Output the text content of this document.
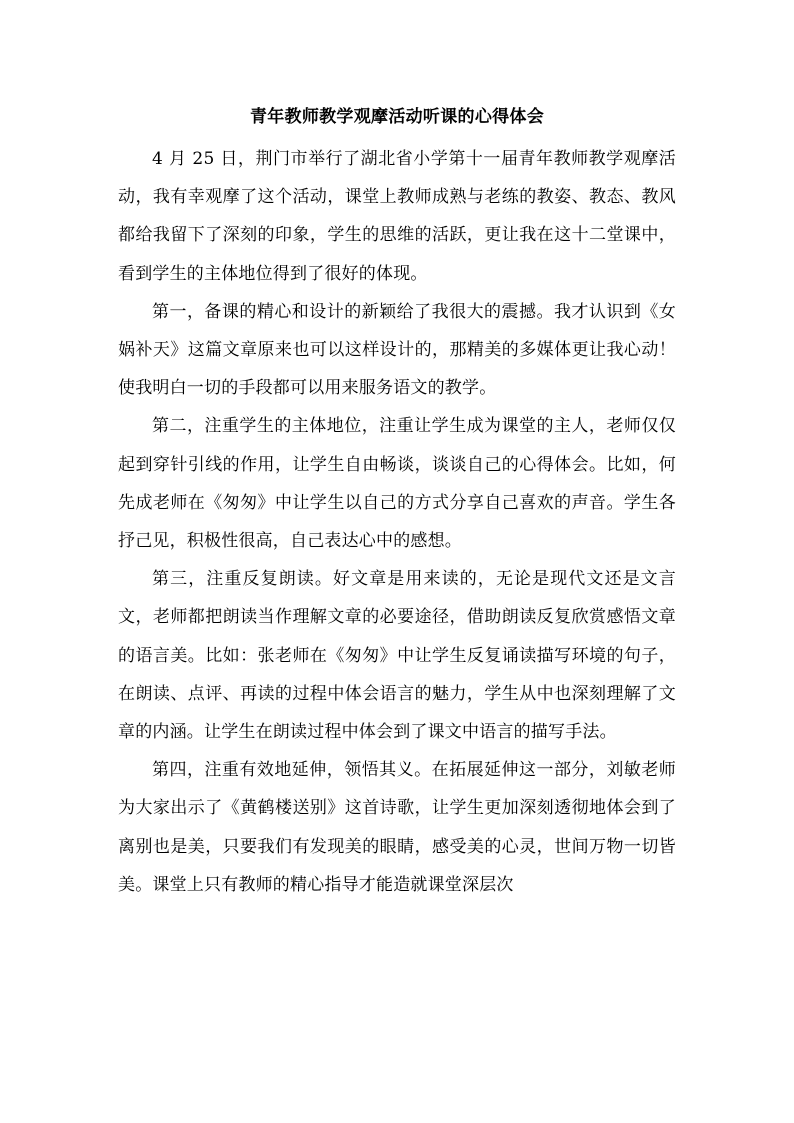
青年教师教学观摩活动听课的心得体会

4 月 25 日，荆门市举行了湖北省小学第十一届青年教师教学观摩活动，我有幸观摩了这个活动，课堂上教师成熟与老练的教姿、教态、教风都给我留下了深刻的印象，学生的思维的活跃，更让我在这十二堂课中，看到学生的主体地位得到了很好的体现。

第一，备课的精心和设计的新颖给了我很大的震撼。我才认识到《女娲补天》这篇文章原来也可以这样设计的，那精美的多媒体更让我心动！使我明白一切的手段都可以用来服务语文的教学。

第二，注重学生的主体地位，注重让学生成为课堂的主人，老师仅仅起到穿针引线的作用，让学生自由畅谈，谈谈自己的心得体会。比如，何先成老师在《匆匆》中让学生以自己的方式分享自己喜欢的声音。学生各抒己见，积极性很高，自己表达心中的感想。

第三，注重反复朗读。好文章是用来读的，无论是现代文还是文言文，老师都把朗读当作理解文章的必要途径，借助朗读反复欣赏感悟文章的语言美。比如：张老师在《匆匆》中让学生反复诵读描写环境的句子，在朗读、点评、再读的过程中体会语言的魅力，学生从中也深刻理解了文章的内涵。让学生在朗读过程中体会到了课文中语言的描写手法。

第四，注重有效地延伸，领悟其义。在拓展延伸这一部分，刘敏老师为大家出示了《黄鹤楼送别》这首诗歌，让学生更加深刻透彻地体会到了离别也是美，只要我们有发现美的眼睛，感受美的心灵，世间万物一切皆美。课堂上只有教师的精心指导才能造就课堂深层次
